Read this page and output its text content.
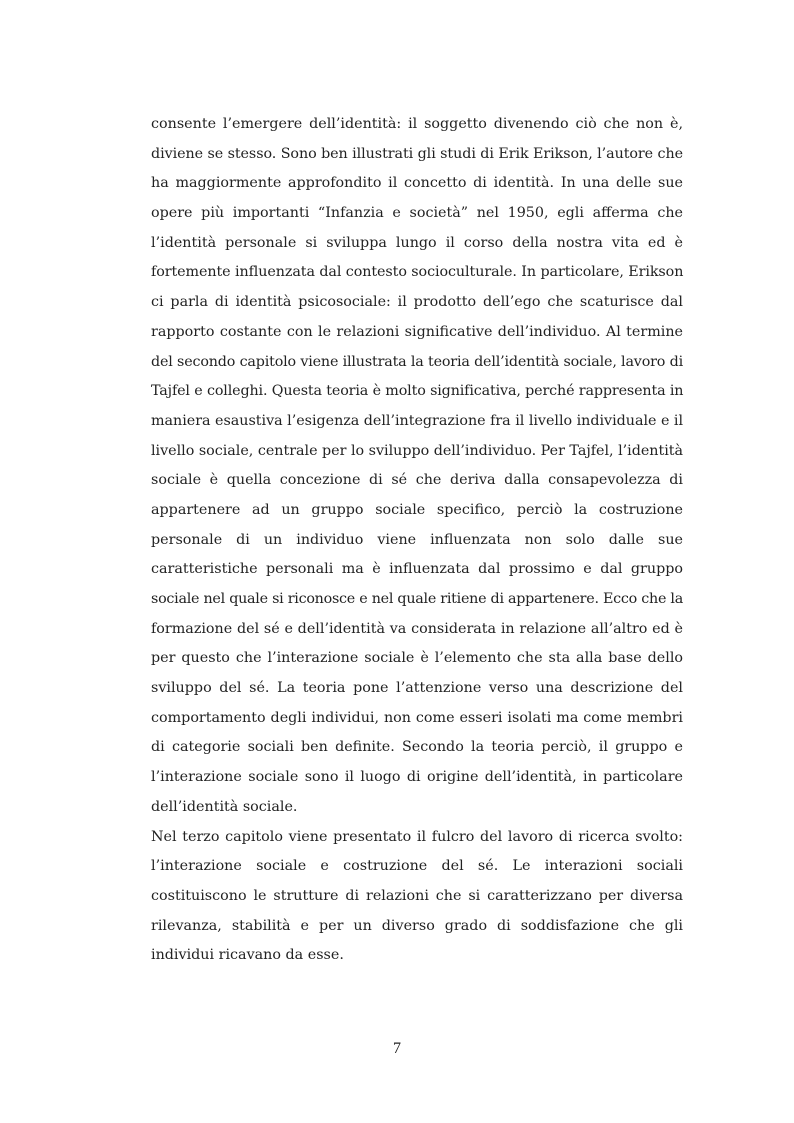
consente l’emergere dell’identità: il soggetto divenendo ciò che non è,
diviene se stesso. Sono ben illustrati gli studi di Erik Erikson, l’autore che
ha maggiormente approfondito il concetto di identità. In una delle sue
opere più importanti “Infanzia e società” nel 1950, egli afferma che
l’identità personale si sviluppa lungo il corso della nostra vita ed è
fortemente influenzata dal contesto socioculturale. In particolare, Erikson
ci parla di identità psicosociale: il prodotto dell’ego che scaturisce dal
rapporto costante con le relazioni significative dell’individuo. Al termine
del secondo capitolo viene illustrata la teoria dell’identità sociale, lavoro di
Tajfel e colleghi. Questa teoria è molto significativa, perché rappresenta in
maniera esaustiva l’esigenza dell’integrazione fra il livello individuale e il
livello sociale, centrale per lo sviluppo dell’individuo. Per Tajfel, l’identità
sociale è quella concezione di sé che deriva dalla consapevolezza di
appartenere ad un gruppo sociale specifico, perciò la costruzione
personale di un individuo viene influenzata non solo dalle sue
caratteristiche personali ma è influenzata dal prossimo e dal gruppo
sociale nel quale si riconosce e nel quale ritiene di appartenere. Ecco che la
formazione del sé e dell’identità va considerata in relazione all’altro ed è
per questo che l’interazione sociale è l’elemento che sta alla base dello
sviluppo del sé. La teoria pone l’attenzione verso una descrizione del
comportamento degli individui, non come esseri isolati ma come membri
di categorie sociali ben definite. Secondo la teoria perciò, il gruppo e
l’interazione sociale sono il luogo di origine dell’identità, in particolare
dell’identità sociale.
Nel terzo capitolo viene presentato il fulcro del lavoro di ricerca svolto:
l’interazione sociale e costruzione del sé. Le interazioni sociali
costituiscono le strutture di relazioni che si caratterizzano per diversa
rilevanza, stabilità e per un diverso grado di soddisfazione che gli
individui ricavano da esse.
7
